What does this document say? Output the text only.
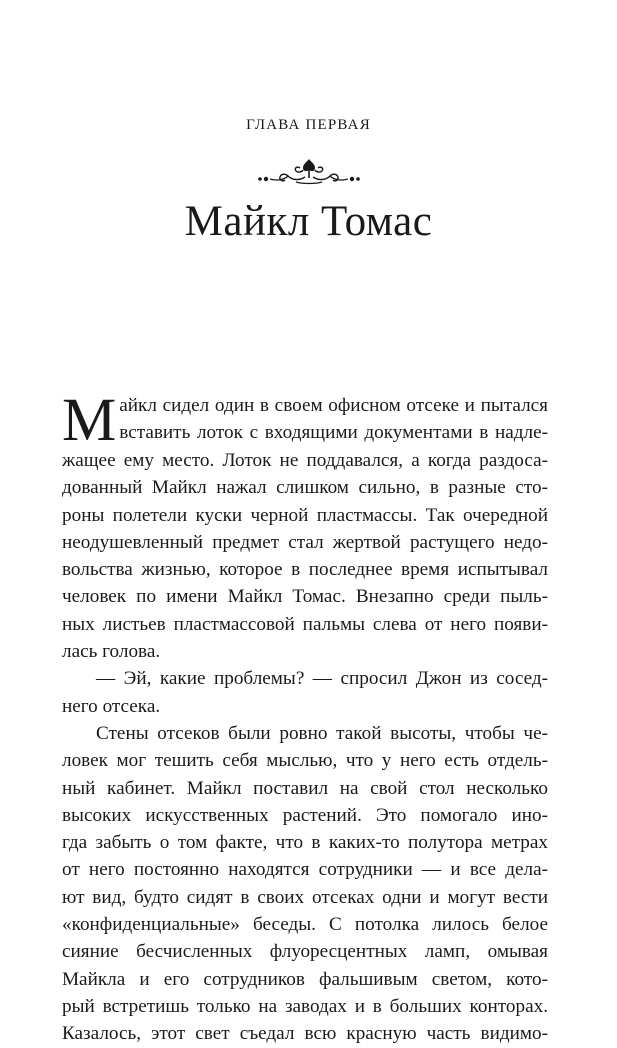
ГЛАВА ПЕРВАЯ
Майкл Томас
М айкл сидел один в своем офисном отсеке и пытался
вставить лоток с входящими документами в надле-
жащее ему место. Лоток не поддавался, а когда раздоса-
дованный Майкл нажал слишком сильно, в разные сто-
роны полетели куски черной пластмассы. Так очередной
неодушевленный предмет стал жертвой растущего недо-
вольства жизнью, которое в последнее время испытывал
человек по имени Майкл Томас. Внезапно среди пыль-
ных листьев пластмассовой пальмы слева от него появи-
лась голова.
— Эй, какие проблемы? — спросил Джон из сосед-
него отсека.
Стены отсеков были ровно такой высоты, чтобы че-
ловек мог тешить себя мыслью, что у него есть отдель-
ный кабинет. Майкл поставил на свой стол несколько
высоких искусственных растений. Это помогало ино-
гда забыть о том факте, что в каких-то полутора метрах
от него постоянно находятся сотрудники — и все дела-
ют вид, будто сидят в своих отсеках одни и могут вести
«конфиденциальные» беседы. С потолка лилось белое
сияние бесчисленных флуоресцентных ламп, омывая
Майкла и его сотрудников фальшивым светом, кото-
рый встретишь только на заводах и в больших конторах.
Казалось, этот свет съедал всю красную часть видимо-
